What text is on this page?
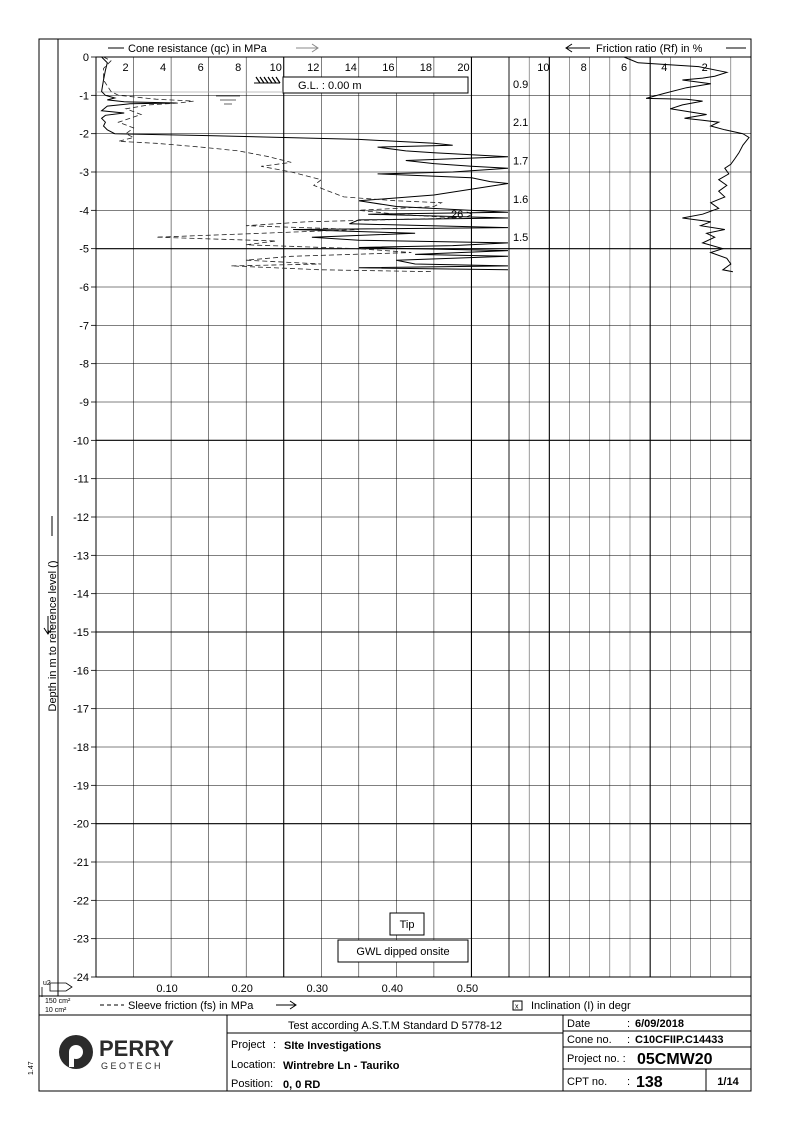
0
-1
-2
-3
-4
-5
-6
-7
-8
-9
-10
-11
-12
-13
-14
-15
-16
-17
-18
-19
-20
-21
-22
-23
-24
2	4	6	8	10 12 14 16 18 20	10	8	6	4	2
0.10	0.20	0.30	0.40	0.50
Cone resistance (qc) in MPa	Friction ratio (Rf) in %
Depth in m to reference level ()
G.L. : 0.00 m
26 >
0.9
2.1
1.7
1.6
1.5
Tip
GWL dipped onsite
Sleeve friction (fs) in MPa	x Inclination (I) in degr
u2
150 cm²
10 cm²
Test according A.S.T.M Standard D 5778-12
Project : SIte Investigations
Location: Wintrebre Ln - Tauriko
Position: 0, 0 RD
Date	: 6/09/2018
Cone no. : C10CFIIP.C14433
Project no. : 05CMW20
CPT no. : 138	1/14
PERRY
GEOTECH
1.47
